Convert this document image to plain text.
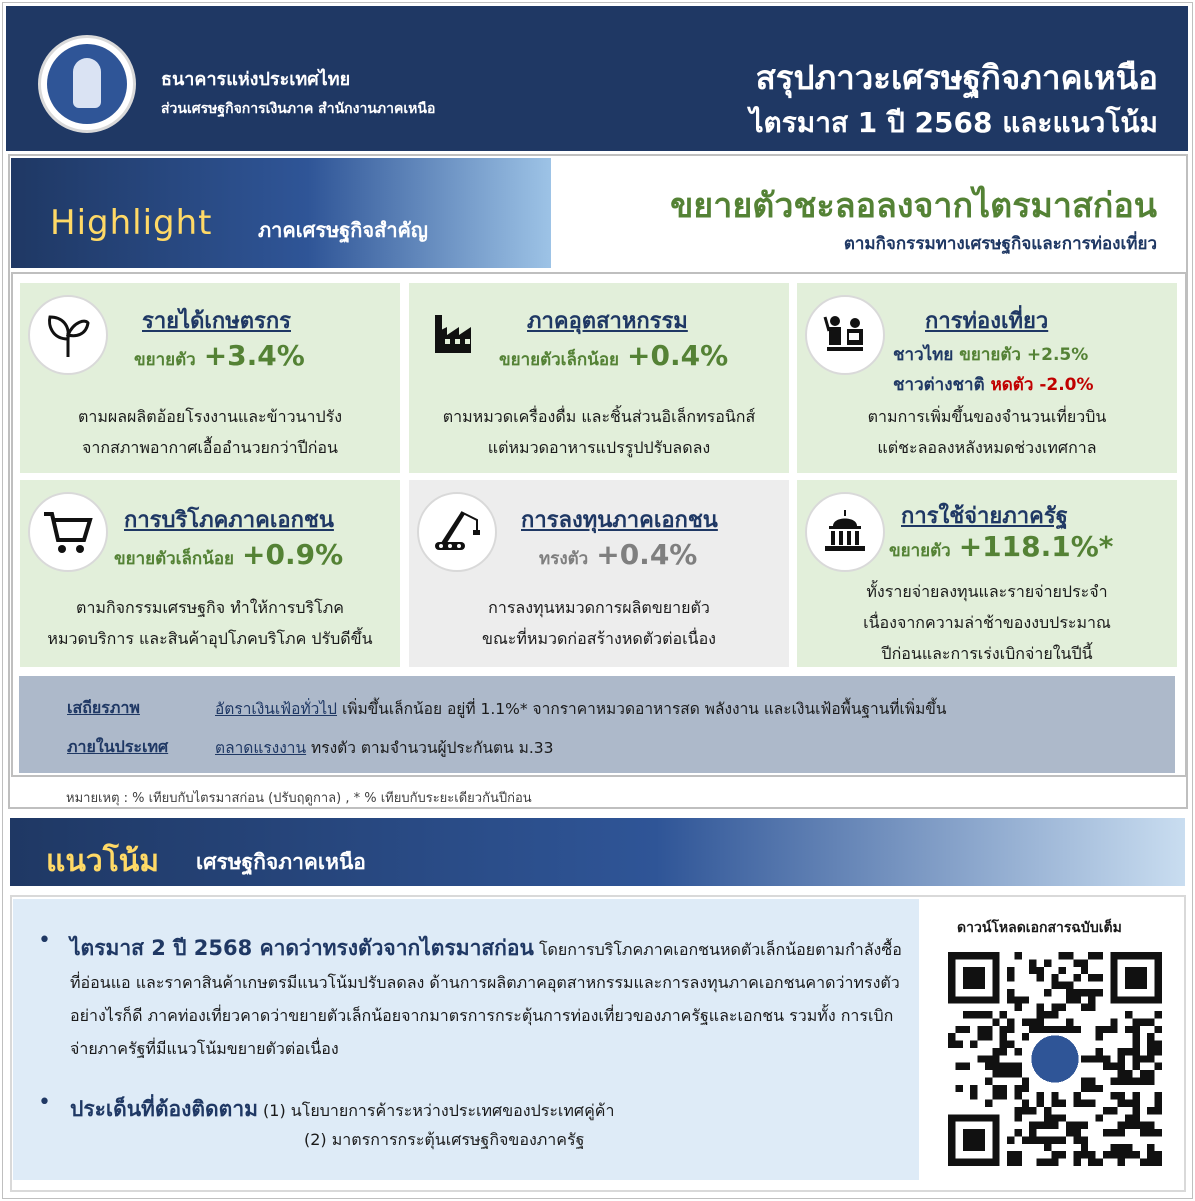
ธนาคารแห่งประเทศไทย
ส่วนเศรษฐกิจการเงินภาค สำนักงานภาคเหนือ
สรุปภาวะเศรษฐกิจภาคเหนือ
ไตรมาส 1 ปี 2568 และแนวโน้ม
Highlight ภาคเศรษฐกิจสำคัญ
ขยายตัวชะลอลงจากไตรมาสก่อน
ตามกิจกรรมทางเศรษฐกิจและการท่องเที่ยว
รายได้เกษตรกร
ขยายตัว +3.4%
ตามผลผลิตอ้อยโรงงานและข้าวนาปรัง
จากสภาพอากาศเอื้ออำนวยกว่าปีก่อน
ภาคอุตสาหกรรม
ขยายตัวเล็กน้อย +0.4%
ตามหมวดเครื่องดื่ม และชิ้นส่วนอิเล็กทรอนิกส์
แต่หมวดอาหารแปรรูปปรับลดลง
การท่องเที่ยว
ชาวไทย ขยายตัว +2.5%
ชาวต่างชาติ หดตัว -2.0%
ตามการเพิ่มขึ้นของจำนวนเที่ยวบิน
แต่ชะลอลงหลังหมดช่วงเทศกาล
การบริโภคภาคเอกชน
ขยายตัวเล็กน้อย +0.9%
ตามกิจกรรมเศรษฐกิจ ทำให้การบริโภค
หมวดบริการ และสินค้าอุปโภคบริโภค ปรับดีขึ้น
การลงทุนภาคเอกชน
ทรงตัว +0.4%
การลงทุนหมวดการผลิตขยายตัว
ขณะที่หมวดก่อสร้างหดตัวต่อเนื่อง
การใช้จ่ายภาครัฐ
ขยายตัว +118.1%*
ทั้งรายจ่ายลงทุนและรายจ่ายประจำ
เนื่องจากความล่าช้าของงบประมาณ
ปีก่อนและการเร่งเบิกจ่ายในปีนี้
เสถียรภาพ
ภายในประเทศ
อัตราเงินเฟ้อทั่วไป เพิ่มขึ้นเล็กน้อย อยู่ที่ 1.1%* จากราคาหมวดอาหารสด พลังงาน และเงินเฟ้อพื้นฐานที่เพิ่มขึ้น
ตลาดแรงงาน ทรงตัว ตามจำนวนผู้ประกันตน ม.33
หมายเหตุ : % เทียบกับไตรมาสก่อน (ปรับฤดูกาล) , * % เทียบกับระยะเดียวกันปีก่อน
แนวโน้ม เศรษฐกิจภาคเหนือ
• ไตรมาส 2 ปี 2568 คาดว่าทรงตัวจากไตรมาสก่อน โดยการบริโภคภาคเอกชนหดตัวเล็กน้อยตามกำลังซื้อที่อ่อนแอ และราคาสินค้าเกษตรมีแนวโน้มปรับลดลง ด้านการผลิตภาคอุตสาหกรรมและการลงทุนภาคเอกชนคาดว่าทรงตัว อย่างไรก็ดี ภาคท่องเที่ยวคาดว่าขยายตัวเล็กน้อยจากมาตรการกระตุ้นการท่องเที่ยวของภาครัฐและเอกชน รวมทั้ง การเบิกจ่ายภาครัฐที่มีแนวโน้มขยายตัวต่อเนื่อง
• ประเด็นที่ต้องติดตาม (1) นโยบายการค้าระหว่างประเทศของประเทศคู่ค้า
(2) มาตรการกระตุ้นเศรษฐกิจของภาครัฐ
ดาวน์โหลดเอกสารฉบับเต็ม
